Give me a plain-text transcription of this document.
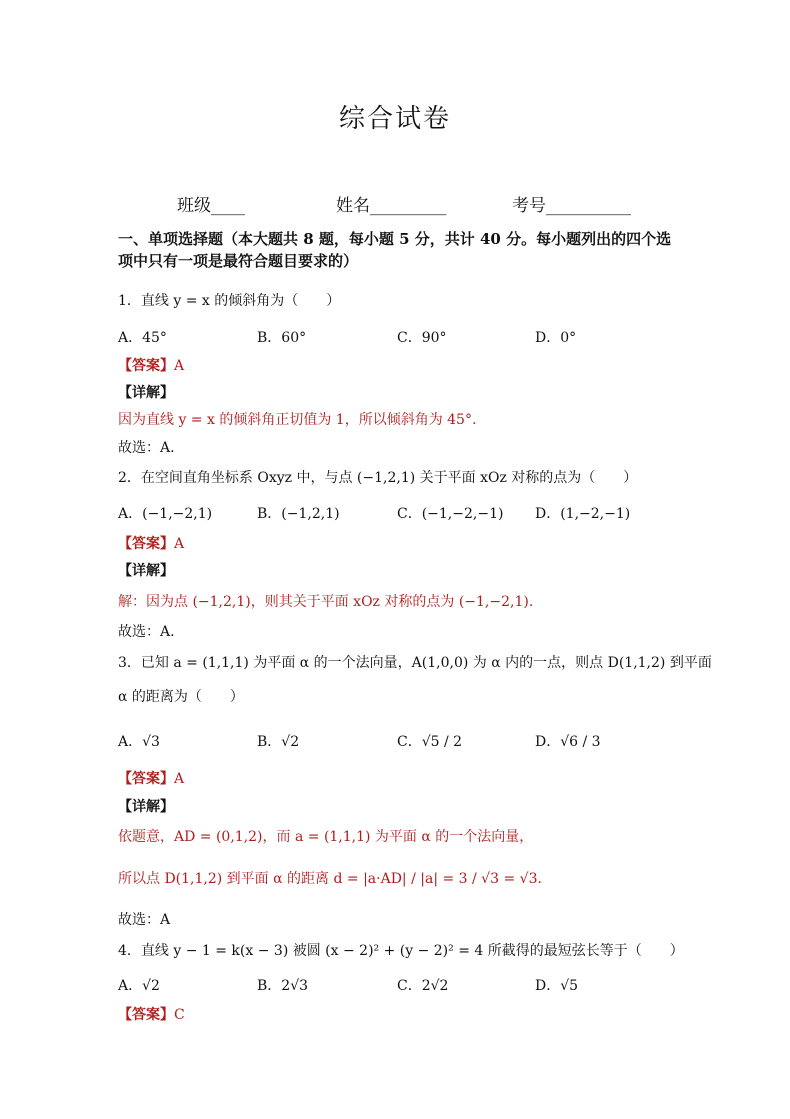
综合试卷
班级____	姓名_________	考号__________
一、单项选择题（本大题共 8 题，每小题 5 分，共计 40 分。每小题列出的四个选项中只有一项是最符合题目要求的）
1．直线 y = x 的倾斜角为（　　）
A．45°	B．60°	C．90°	D．0°
【答案】A
【详解】
因为直线 y = x 的倾斜角正切值为 1，所以倾斜角为 45°.
故选：A.
2．在空间直角坐标系 Oxyz 中，与点 (−1,2,1) 关于平面 xOz 对称的点为（　　）
A．(−1,−2,1)	B．(−1,2,1)	C．(−1,−2,−1) D．(1,−2,−1)
【答案】A
【详解】
解：因为点 (−1,2,1)，则其关于平面 xOz 对称的点为 (−1,−2,1).
故选：A.
3．已知 a = (1,1,1) 为平面 α 的一个法向量，A(1,0,0) 为 α 内的一点，则点 D(1,1,2) 到平面
α 的距离为（　　）
A．√3	B．√2	C．√5 / 2	D．√6 / 3
【答案】A
【详解】
依题意，AD = (0,1,2)，而 a = (1,1,1) 为平面 α 的一个法向量，
所以点 D(1,1,2) 到平面 α 的距离 d = |a·AD| / |a| = 3 / √3 = √3.
故选：A
4．直线 y − 1 = k(x − 3) 被圆 (x − 2)² + (y − 2)² = 4 所截得的最短弦长等于（　　）
A．√2	B．2√3	C．2√2	D．√5
【答案】C
